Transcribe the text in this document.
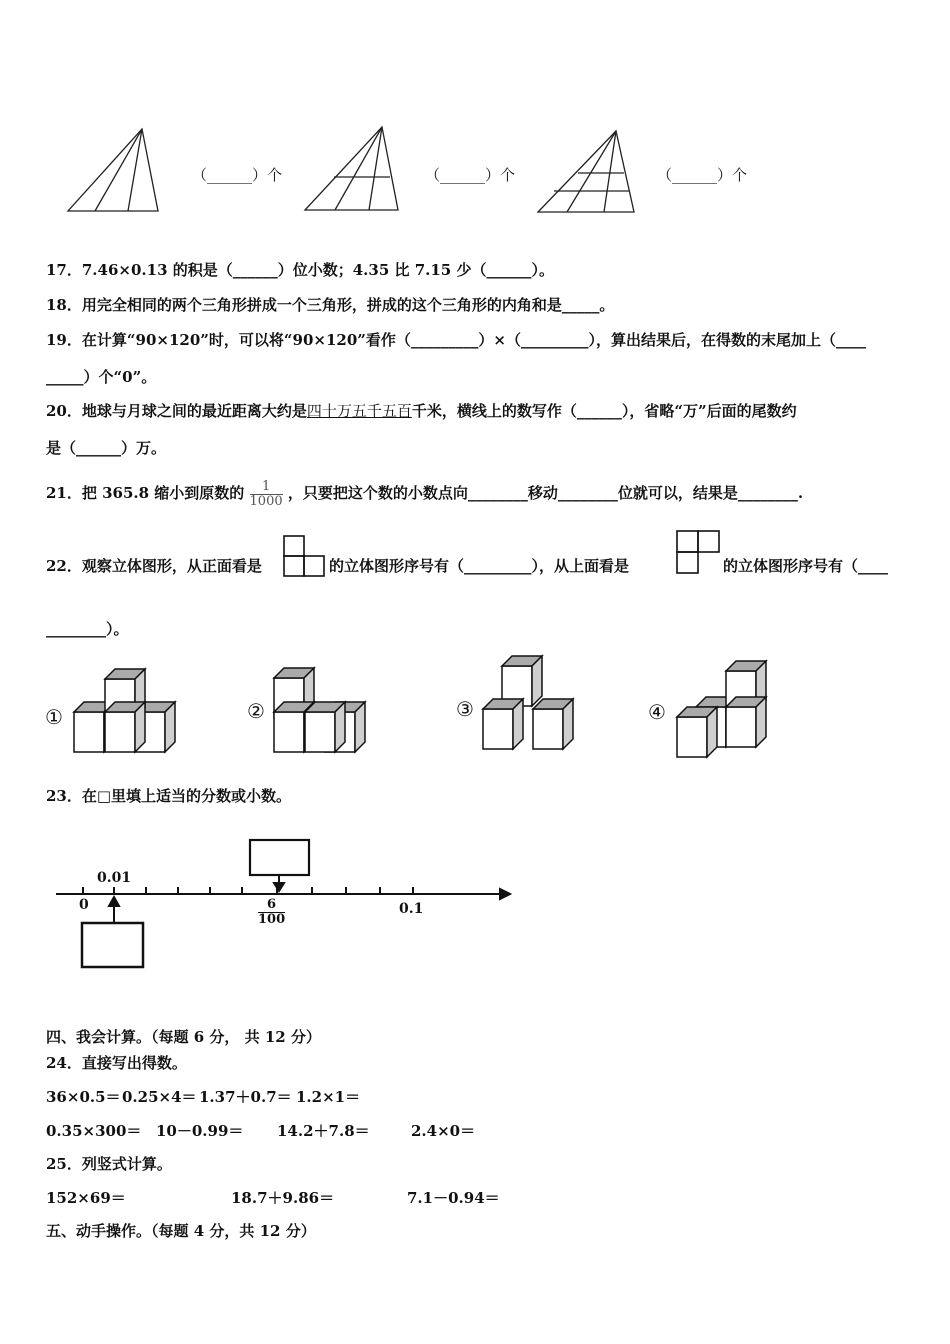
（______）个	（______）个	（______）个
17．7.46×0.13 的积是（______）位小数；4.35 比 7.15 少（______）。
18．用完全相同的两个三角形拼成一个三角形，拼成的这个三角形的内角和是_____。
19．在计算“90×120”时，可以将“90×120”看作（_________）×（_________），算出结果后，在得数的末尾加上（____
_____）个“0”。
20．地球与月球之间的最近距离大约是四十万五千五百千米，横线上的数写作（______），省略“万”后面的尾数约
是（______）万。
21．把 365.8 缩小到原数的 $\frac{1}{1000}$ ，只要把这个数的小数点向________移动________位就可以，结果是________.
22．观察立体图形，从正面看是	的立体图形序号有（_________），从上面看是	的立体图形序号有（____
________）。
①	②	③	④
23．在□里填上适当的分数或小数。
0
0.01
$\frac{6}{100}$	0.1
四、我会计算。（每题 6 分， 共 12 分）
24．直接写出得数。
36×0.5＝ 0.25×4＝ 1.37＋0.7＝ 1.2×1＝
0.35×300＝ 10－0.99＝ 14.2＋7.8＝	2.4×0＝
25．列竖式计算。
152×69＝	18.7＋9.86＝	7.1－0.94＝
五、动手操作。（每题 4 分，共 12 分）
